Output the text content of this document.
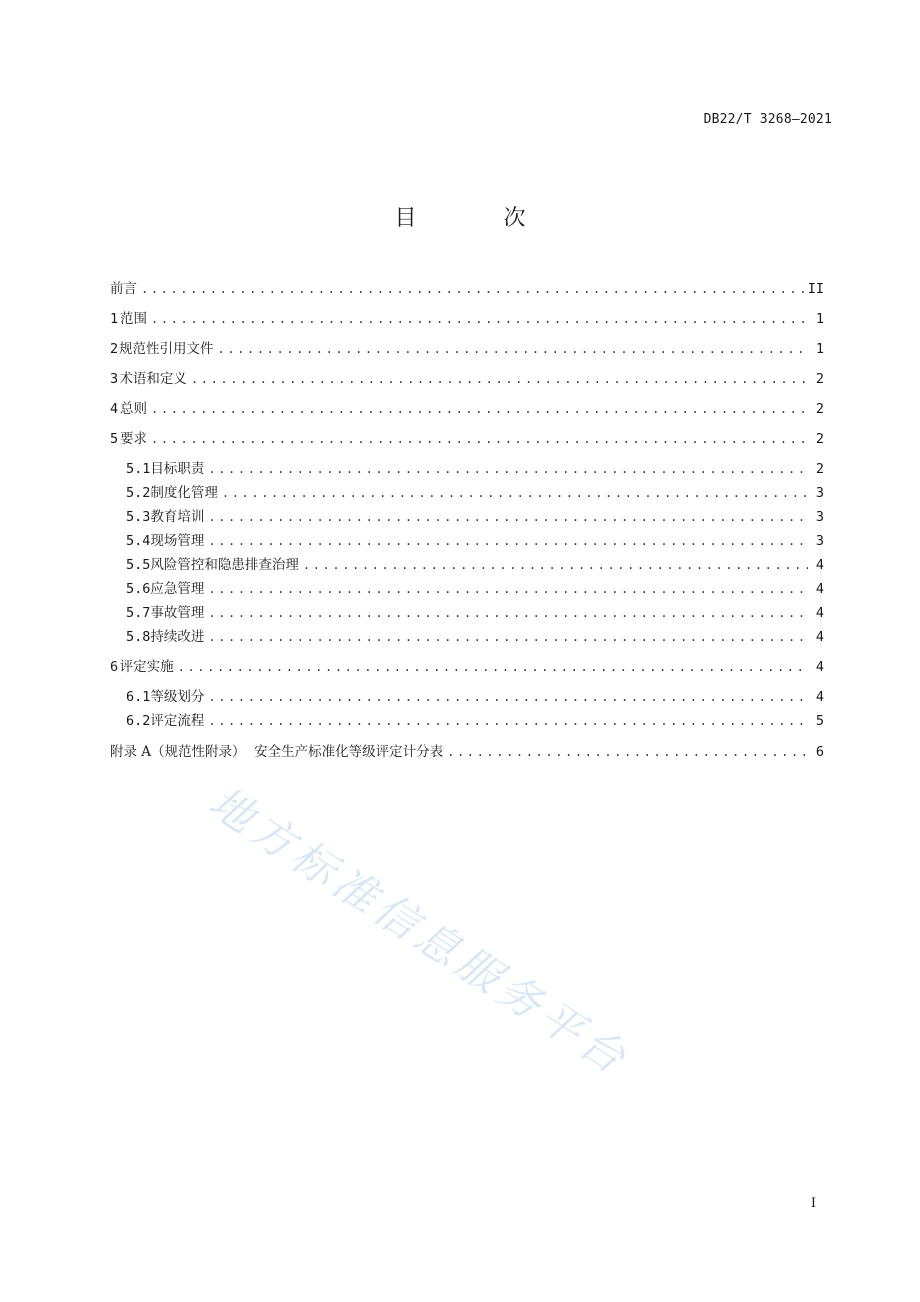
DB22/T 3268—2021
目 次
前言 .....	II
1 范围 .....	1
2 规范性引用文件 .....	1
3 术语和定义 .....	2
4 总则 .....	2
5 要求 .....	2
5.1 目标职责 .....	2
5.2 制度化管理 .....	3
5.3 教育培训 .....	3
5.4 现场管理 .....	3
5.5 风险管控和隐患排查治理 .....	4
5.6 应急管理 .....	4
5.7 事故管理 .....	4
5.8 持续改进 .....	4
6 评定实施 .....	4
6.1 等级划分 .....	4
6.2 评定流程 .....	5
附录 A（规范性附录）  安全生产标准化等级评定计分表 .....	6
地方标准信息服务平台
I
